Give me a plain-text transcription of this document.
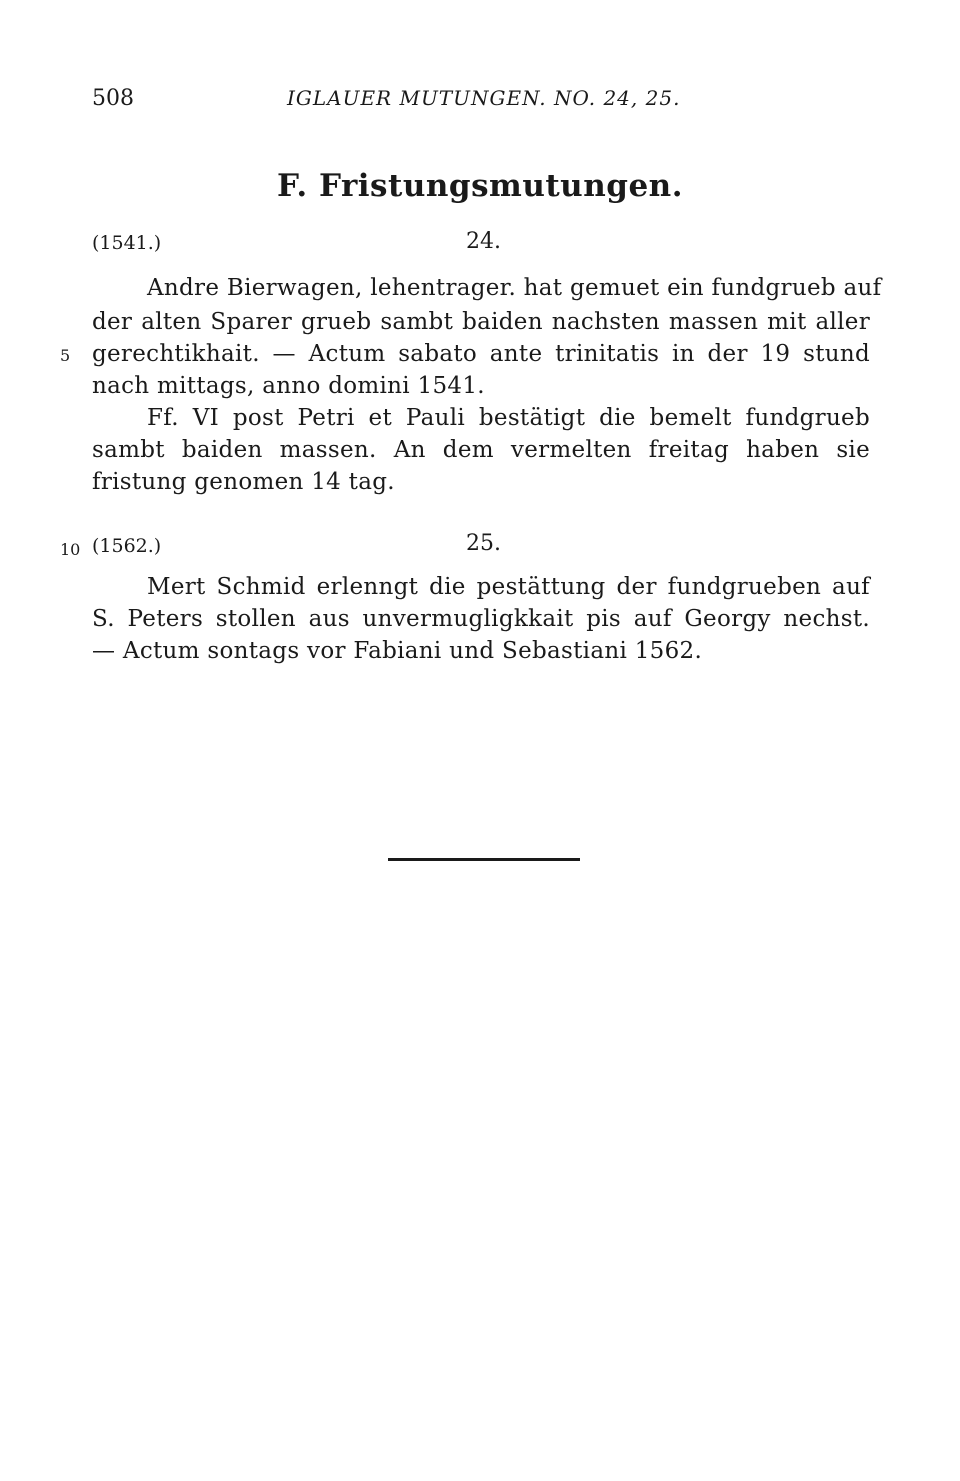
508	IGLAUER MUTUNGEN. NO. 24, 25.
F. Fristungsmutungen.
(1541.)	24.
Andre Bierwagen, lehentrager. hat gemuet ein fundgrueb auf
der alten Sparer grueb sambt baiden nachsten massen mit aller
5 gerechtikhait. — Actum sabato ante trinitatis in der 19 stund
nach mittags, anno domini 1541.
Ff. VI post Petri et Pauli bestätigt die bemelt fundgrueb
sambt baiden massen. An dem vermelten freitag haben sie
fristung genomen 14 tag.
10 (1562.)	25.
Mert Schmid erlenngt die pestättung der fundgrueben auf
S. Peters stollen aus unvermugligkkait pis auf Georgy nechst.
— Actum sontags vor Fabiani und Sebastiani 1562.
